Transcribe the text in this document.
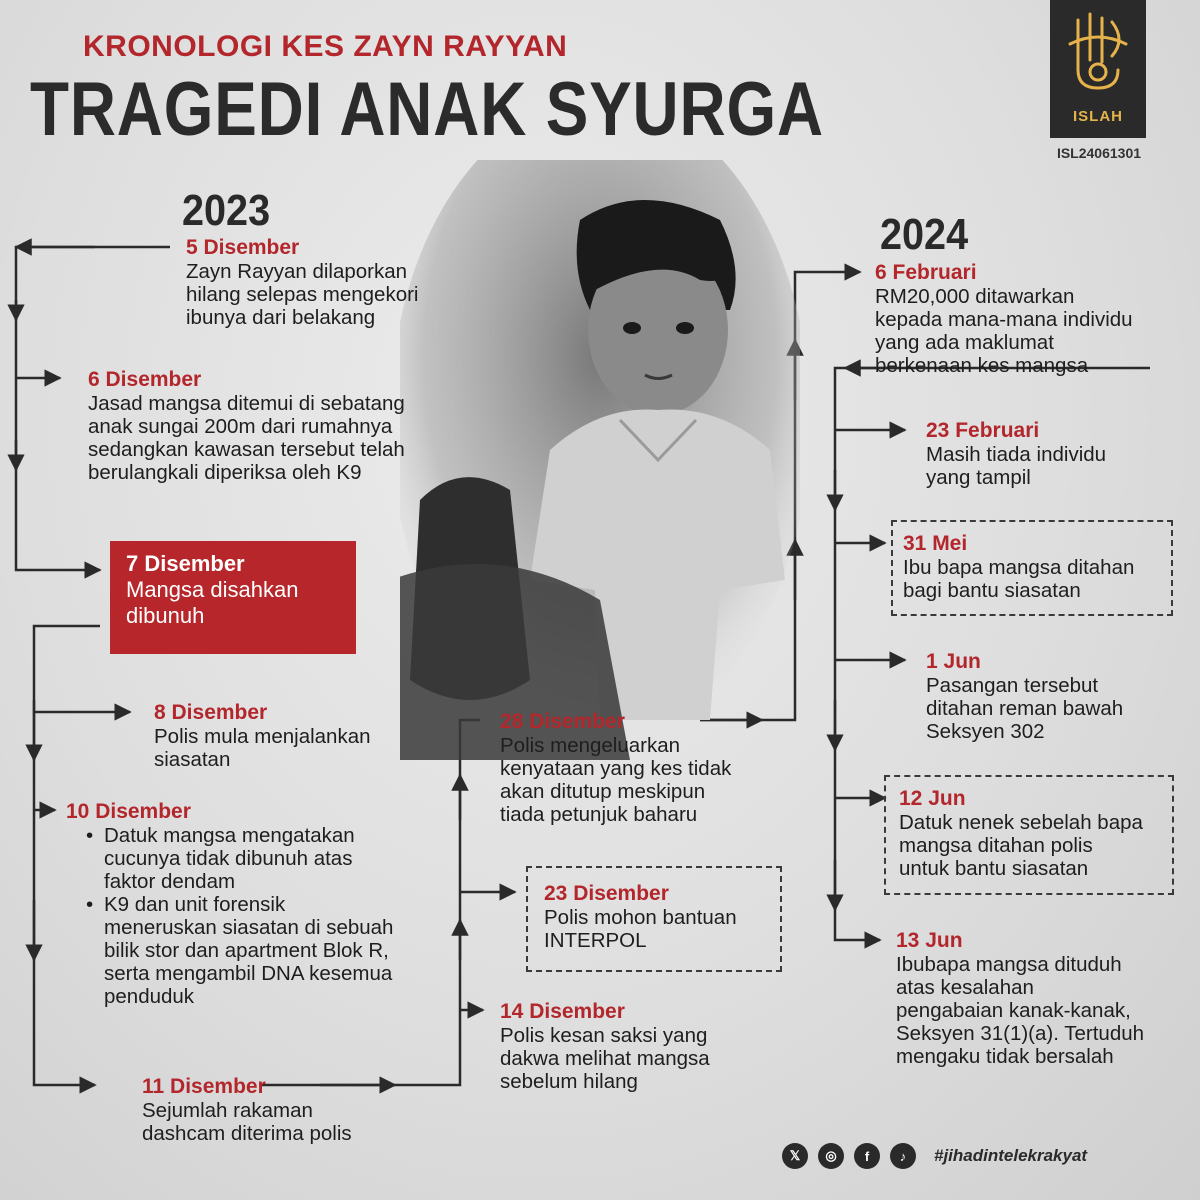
KRONOLOGI KES ZAYN RAYYAN
TRAGEDI ANAK SYURGA	ISLAH
ISL24061301
2023	2024
5 Disember
Zayn Rayyan dilaporkan
hilang selepas mengekori
ibunya dari belakang
6 Disember
Jasad mangsa ditemui di sebatang
anak sungai 200m dari rumahnya
sedangkan kawasan tersebut telah
berulangkali diperiksa oleh K9
7 Disember
Mangsa disahkan
dibunuh
8 Disember
Polis mula menjalankan
siasatan
10 Disember
• Datuk mangsa mengatakan
cucunya tidak dibunuh atas
faktor dendam
• K9 dan unit forensik
meneruskan siasatan di sebuah
bilik stor dan apartment Blok R,
serta mengambil DNA kesemua
penduduk
11 Disember
Sejumlah rakaman
dashcam diterima polis
14 Disember
Polis kesan saksi yang
dakwa melihat mangsa
sebelum hilang
23 Disember
Polis mohon bantuan
INTERPOL
28 Disember
Polis mengeluarkan
kenyataan yang kes tidak
akan ditutup meskipun
tiada petunjuk baharu
6 Februari
RM20,000 ditawarkan
kepada mana-mana individu
yang ada maklumat
berkenaan kes mangsa
23 Februari
Masih tiada individu
yang tampil
31 Mei
Ibu bapa mangsa ditahan
bagi bantu siasatan
1 Jun
Pasangan tersebut
ditahan reman bawah
Seksyen 302
12 Jun
Datuk nenek sebelah bapa
mangsa ditahan polis
untuk bantu siasatan
13 Jun
Ibubapa mangsa dituduh
atas kesalahan
pengabaian kanak-kanak,
Seksyen 31(1)(a). Tertuduh
mengaku tidak bersalah
𝕏	◎	f	♪	#jihadintelekrakyat
